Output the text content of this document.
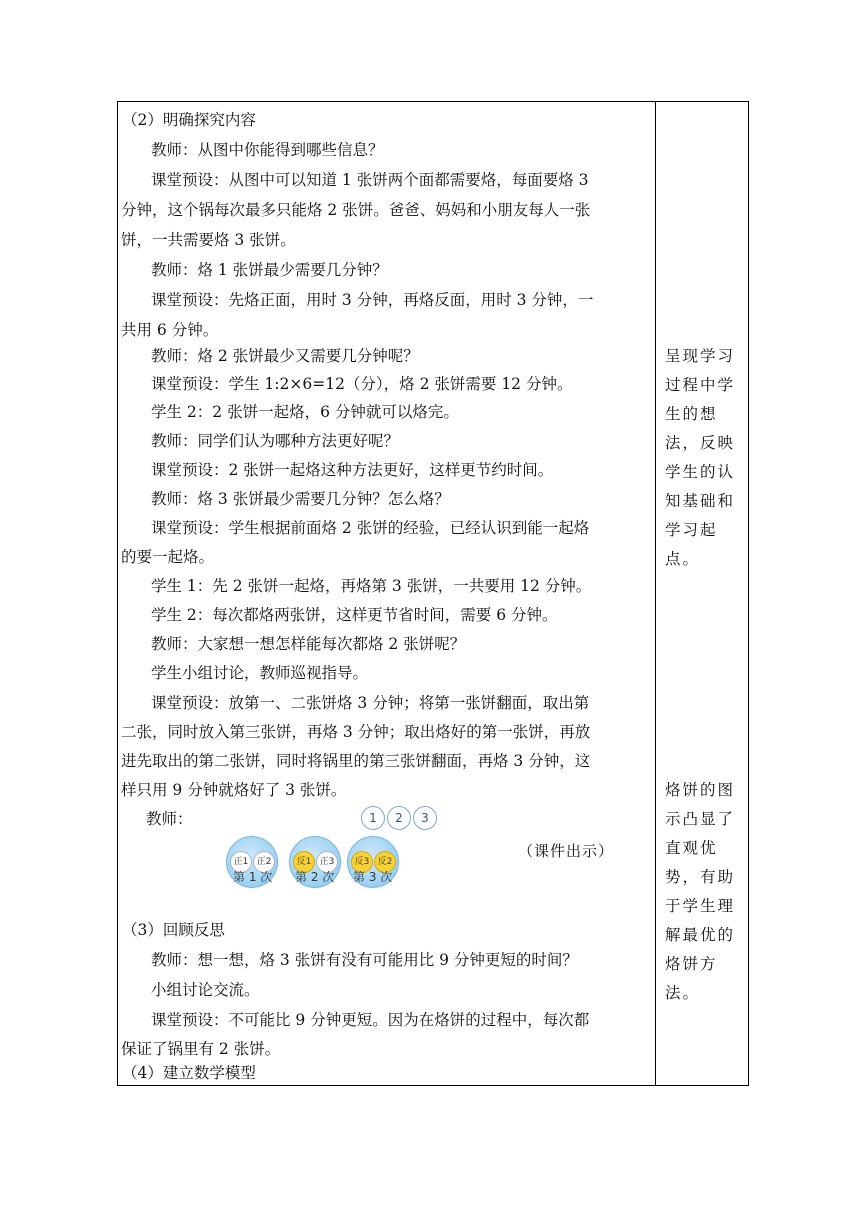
（2）明确探究内容
教师：从图中你能得到哪些信息？
课堂预设：从图中可以知道 1 张饼两个面都需要烙，每面要烙 3
分钟，这个锅每次最多只能烙 2 张饼。爸爸、妈妈和小朋友每人一张
饼，一共需要烙 3 张饼。
教师：烙 1 张饼最少需要几分钟？
课堂预设：先烙正面，用时 3 分钟，再烙反面，用时 3 分钟，一
共用 6 分钟。
教师：烙 2 张饼最少又需要几分钟呢？
课堂预设：学生 1:2×6=12（分），烙 2 张饼需要 12 分钟。
学生 2：2 张饼一起烙，6 分钟就可以烙完。
教师：同学们认为哪种方法更好呢？
课堂预设：2 张饼一起烙这种方法更好，这样更节约时间。
教师：烙 3 张饼最少需要几分钟？怎么烙？
课堂预设：学生根据前面烙 2 张饼的经验，已经认识到能一起烙
的要一起烙。
学生 1：先 2 张饼一起烙，再烙第 3 张饼，一共要用 12 分钟。
学生 2：每次都烙两张饼，这样更节省时间，需要 6 分钟。
教师：大家想一想怎样能每次都烙 2 张饼呢？
学生小组讨论，教师巡视指导。
课堂预设：放第一、二张饼烙 3 分钟；将第一张饼翻面，取出第
二张，同时放入第三张饼，再烙 3 分钟；取出烙好的第一张饼，再放
进先取出的第二张饼，同时将锅里的第三张饼翻面，再烙 3 分钟，这
样只用 9 分钟就烙好了 3 张饼。
教师：	1	2	3
正1 正2	反1 正3	反3 反2
第 1 次 第 2 次 第 3 次
（课件出示）
（3）回顾反思
教师：想一想，烙 3 张饼有没有可能用比 9 分钟更短的时间？
小组讨论交流。
课堂预设：不可能比 9 分钟更短。因为在烙饼的过程中，每次都
保证了锅里有 2 张饼。
（4）建立数学模型
呈现学习
过程中学
生的想
法，反映
学生的认
知基础和
学习起
点。
烙饼的图
示凸显了
直观优
势，有助
于学生理
解最优的
烙饼方
法。
